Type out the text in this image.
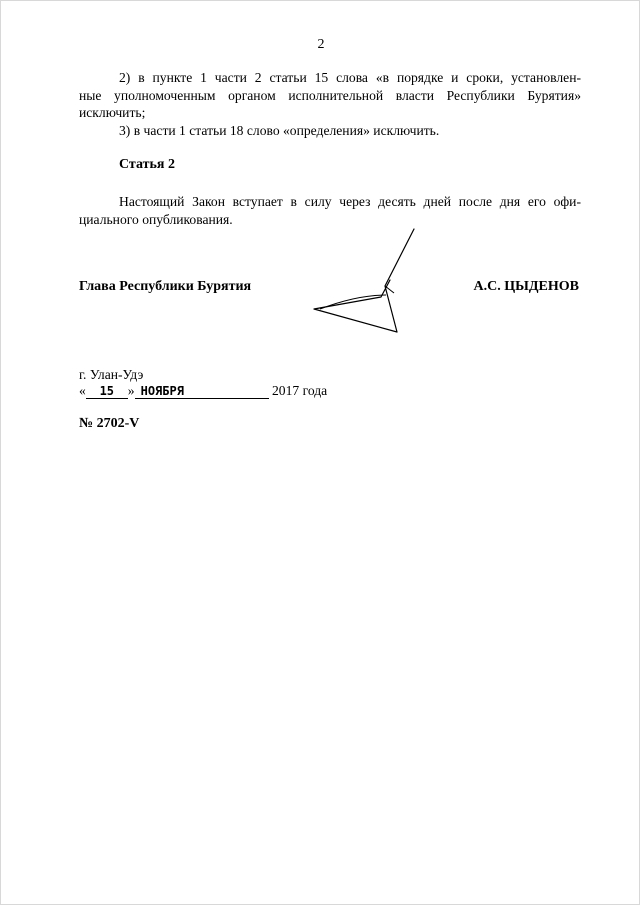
2
2) в пункте 1 части 2 статьи 15 слова «в порядке и сроки, установлен-
ные уполномоченным органом исполнительной власти Республики Бурятия»
исключить;
3) в части 1 статьи 18 слово «определения» исключить.
Статья 2
Настоящий Закон вступает в силу через десять дней после дня его офи-
циального опубликования.
Глава Республики Бурятия	А.С. ЦЫДЕНОВ
г. Улан-Удэ
« 15 » НОЯБРЯ	2017 года
№ 2702-V
